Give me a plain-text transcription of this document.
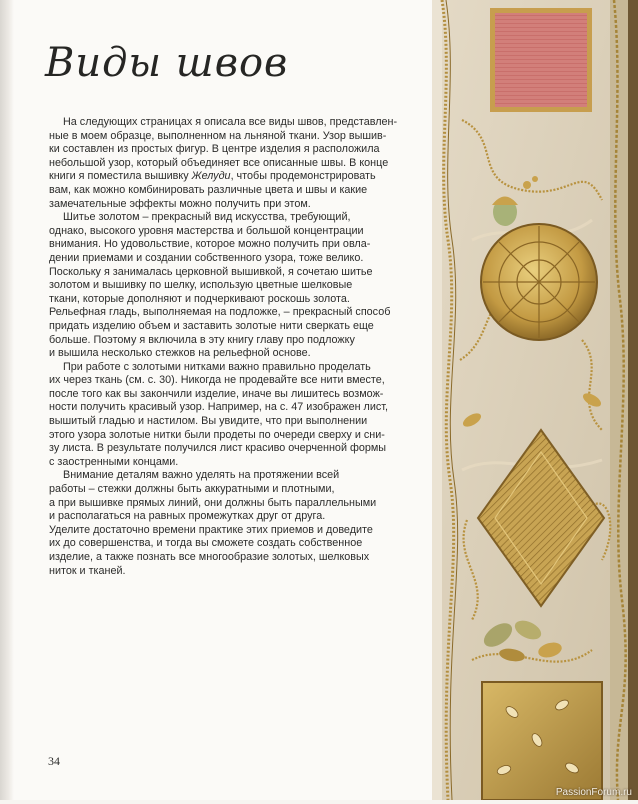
Виды швов

На следующих страницах я описала все виды швов, представлен-
ные в моем образце, выполненном на льняной ткани. Узор вышив-
ки составлен из простых фигур. В центре изделия я расположила
небольшой узор, который объединяет все описанные швы. В конце
книги я поместила вышивку Желуди, чтобы продемонстрировать
вам, как можно комбинировать различные цвета и швы и какие
замечательные эффекты можно получить при этом.

Шитье золотом – прекрасный вид искусства, требующий,
однако, высокого уровня мастерства и большой концентрации
внимания. Но удовольствие, которое можно получить при овла-
дении приемами и создании собственного узора, тоже велико.
Поскольку я занималась церковной вышивкой, я сочетаю шитье
золотом и вышивку по шелку, использую цветные шелковые
ткани, которые дополняют и подчеркивают роскошь золота.
Рельефная гладь, выполняемая на подложке, – прекрасный способ
придать изделию объем и заставить золотые нити сверкать еще
больше. Поэтому я включила в эту книгу главу про подложку
и вышила несколько стежков на рельефной основе.

При работе с золотыми нитками важно правильно проделать
их через ткань (см. с. 30). Никогда не продевайте все нити вместе,
после того как вы закончили изделие, иначе вы лишитесь возмож-
ности получить красивый узор. Например, на с. 47 изображен лист,
вышитый гладью и настилом. Вы увидите, что при выполнении
этого узора золотые нитки были продеты по очереди сверху и сни-
зу листа. В результате получился лист красиво очерченной формы
с заостренными концами.

Внимание деталям важно уделять на протяжении всей
работы – стежки должны быть аккуратными и плотными,
а при вышивке прямых линий, они должны быть параллельными
и располагаться на равных промежутках друг от друга.
Уделите достаточно времени практике этих приемов и доведите
их до совершенства, и тогда вы сможете создать собственное
изделие, а также познать все многообразие золотых, шелковых
ниток и тканей.

34
PassionForum.ru
